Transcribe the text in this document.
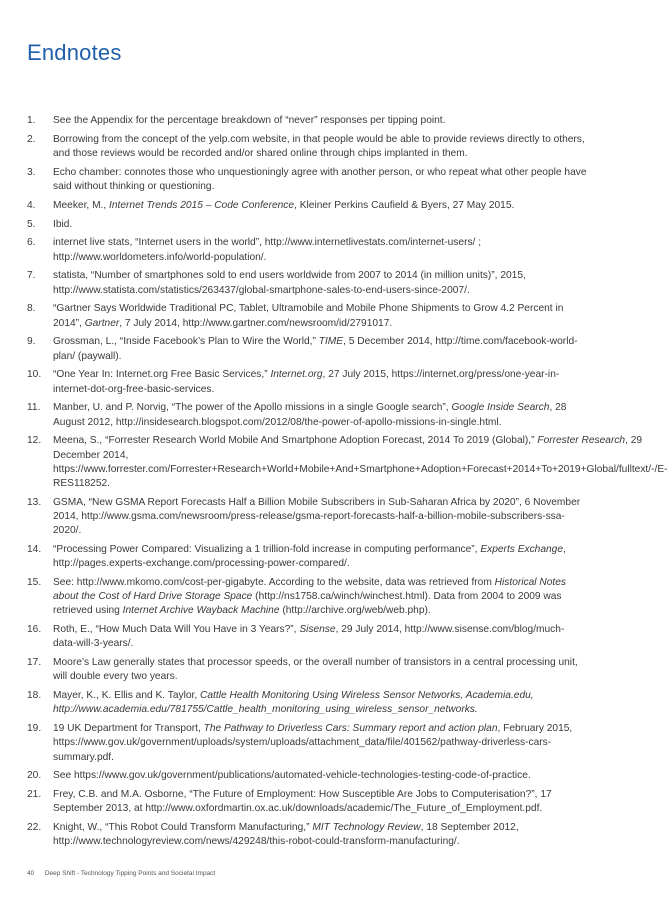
Endnotes
1.	See the Appendix for the percentage breakdown of “never” responses per tipping point.
2.	Borrowing from the concept of the yelp.com website, in that people would be able to provide reviews directly to others, and those reviews would be recorded and/or shared online through chips implanted in them.
3.	Echo chamber: connotes those who unquestioningly agree with another person, or who repeat what other people have said without thinking or questioning.
4.	Meeker, M., Internet Trends 2015 – Code Conference, Kleiner Perkins Caufield & Byers, 27 May 2015.
5.	Ibid.
6.	internet live stats, “Internet users in the world”, http://www.internetlivestats.com/internet-users/ ; http://www.worldometers.info/world-population/.
7.	statista, “Number of smartphones sold to end users worldwide from 2007 to 2014 (in million units)”, 2015, http://www.statista.com/statistics/263437/global-smartphone-sales-to-end-users-since-2007/.
8.	“Gartner Says Worldwide Traditional PC, Tablet, Ultramobile and Mobile Phone Shipments to Grow 4.2 Percent in 2014”, Gartner, 7 July 2014, http://www.gartner.com/newsroom/id/2791017.
9.	Grossman, L., “Inside Facebook’s Plan to Wire the World,” TIME, 5 December 2014, http://time.com/facebook-world-plan/ (paywall).
10.	“One Year In: Internet.org Free Basic Services,” Internet.org, 27 July 2015, https://internet.org/press/one-year-in-internet-dot-org-free-basic-services.
11.	Manber, U. and P. Norvig, “The power of the Apollo missions in a single Google search”, Google Inside Search, 28 August 2012, http://insidesearch.blogspot.com/2012/08/the-power-of-apollo-missions-in-single.html.
12.	Meena, S., “Forrester Research World Mobile And Smartphone Adoption Forecast, 2014 To 2019 (Global),” Forrester Research, 29 December 2014, https://www.forrester.com/Forrester+Research+World+Mobile+And+Smartphone+Adoption+Forecast+2014+To+2019+Global/fulltext/-/E-RES118252.
13.	GSMA, “New GSMA Report Forecasts Half a Billion Mobile Subscribers in Sub-Saharan Africa by 2020”, 6 November 2014, http://www.gsma.com/newsroom/press-release/gsma-report-forecasts-half-a-billion-mobile-subscribers-ssa-2020/.
14.	“Processing Power Compared: Visualizing a 1 trillion-fold increase in computing performance”, Experts Exchange, http://pages.experts-exchange.com/processing-power-compared/.
15.	See: http://www.mkomo.com/cost-per-gigabyte. According to the website, data was retrieved from Historical Notes about the Cost of Hard Drive Storage Space (http://ns1758.ca/winch/winchest.html). Data from 2004 to 2009 was retrieved using Internet Archive Wayback Machine (http://archive.org/web/web.php).
16.	Roth, E., “How Much Data Will You Have in 3 Years?”, Sisense, 29 July 2014, http://www.sisense.com/blog/much-data-will-3-years/.
17.	Moore’s Law generally states that processor speeds, or the overall number of transistors in a central processing unit, will double every two years.
18.	Mayer, K., K. Ellis and K. Taylor, Cattle Health Monitoring Using Wireless Sensor Networks, Academia.edu, http://www.academia.edu/781755/Cattle_health_monitoring_using_wireless_sensor_networks.
19.	19 UK Department for Transport, The Pathway to Driverless Cars: Summary report and action plan, February 2015, https://www.gov.uk/government/uploads/system/uploads/attachment_data/file/401562/pathway-driverless-cars-summary.pdf.
20.	See https://www.gov.uk/government/publications/automated-vehicle-technologies-testing-code-of-practice.
21.	Frey, C.B. and M.A. Osborne, “The Future of Employment: How Susceptible Are Jobs to Computerisation?”, 17 September 2013, at http://www.oxfordmartin.ox.ac.uk/downloads/academic/The_Future_of_Employment.pdf.
22.	Knight, W., “This Robot Could Transform Manufacturing,” MIT Technology Review, 18 September 2012, http://www.technologyreview.com/news/429248/this-robot-could-transform-manufacturing/.
40 Deep Shift - Technology Tipping Points and Societal Impact
